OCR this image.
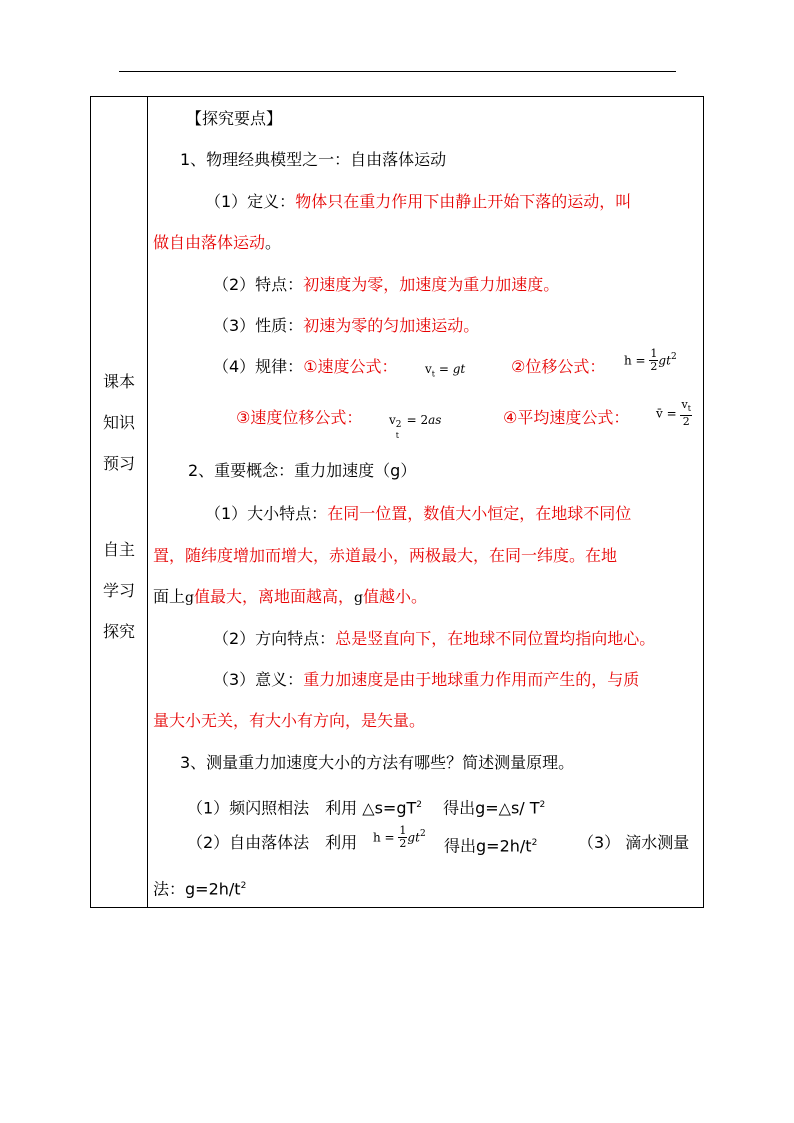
课本
知识
预习
自主
学习
探究
【探究要点】
1、物理经典模型之一：自由落体运动
（1）定义：物体只在重力作用下由静止开始下落的运动，叫
做自由落体运动。
（2）特点：初速度为零，加速度为重力加速度。
（3）性质：初速为零的匀加速运动。
（4）规律：①速度公式： $v_t$ = gt	②位移公式： $h = \frac{1}{2} gt^2$
③速度位移公式： v 2
t
= 2as	④平均速度公式： v̄ = $\frac{v_t}{2}$
2、重要概念：重力加速度（g）
（1）大小特点：在同一位置，数值大小恒定，在地球不同位
置，随纬度增加而增大，赤道最小，两极最大，在同一纬度。在地
面上g值最大，离地面越高，g值越小。
（2）方向特点：总是竖直向下，在地球不同位置均指向地心。
（3）意义：重力加速度是由于地球重力作用而产生的，与质
量大小无关，有大小有方向，是矢量。
3、测量重力加速度大小的方法有哪些？简述测量原理。
（1）频闪照相法　利用 $\triangle s=gT^2$　 得出g=△s/ $T^2$
（2）自由落体法　利用 $h = \frac{1}{2} gt^2$
得出$g=2h/t^2$	（3） 滴水测量
法：$g=2h/t^2$
